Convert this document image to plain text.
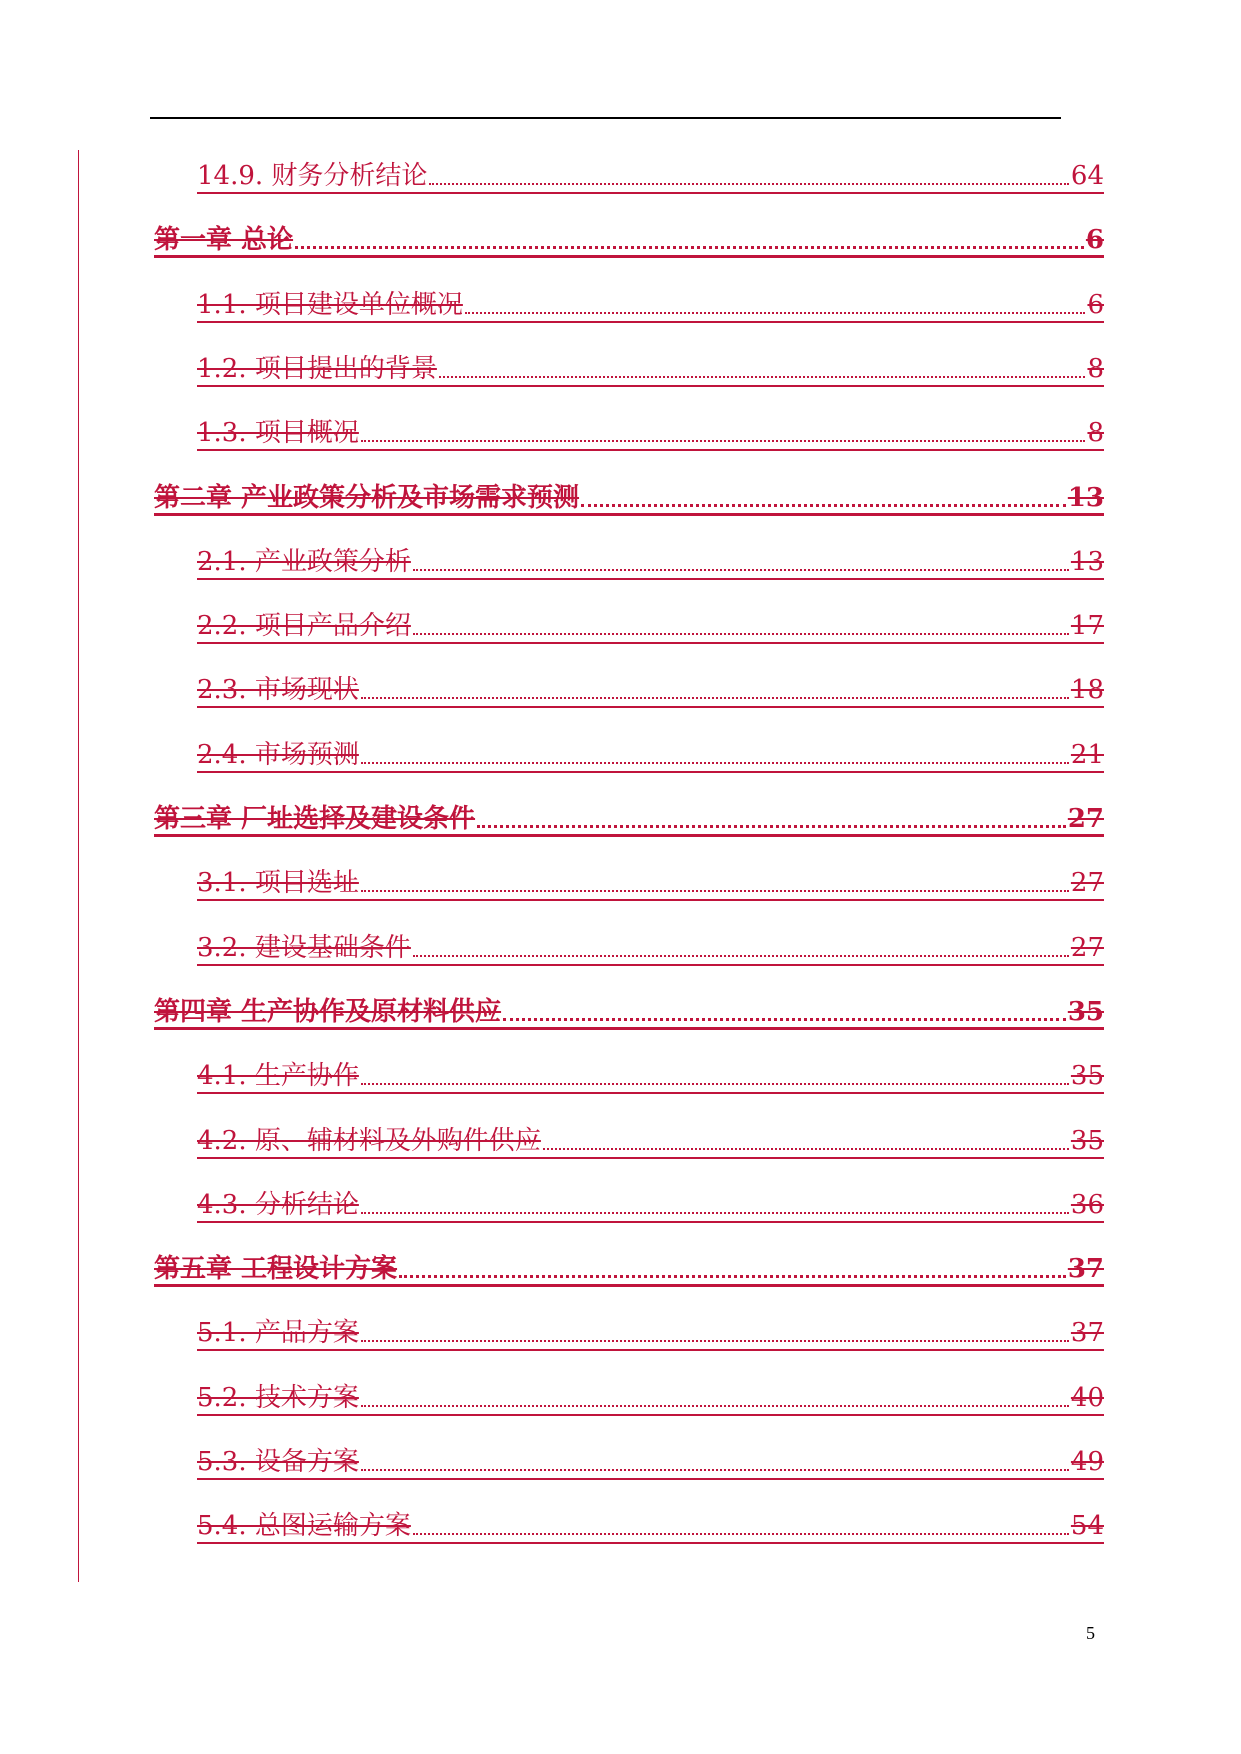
14.9. 财务分析结论	64
第一章 总论	6
1.1. 项目建设单位概况	6
1.2. 项目提出的背景	8
1.3. 项目概况	8
第二章 产业政策分析及市场需求预测	13
2.1. 产业政策分析	13
2.2. 项目产品介绍	17
2.3. 市场现状	18
2.4. 市场预测	21
第三章 厂址选择及建设条件	27
3.1. 项目选址	27
3.2. 建设基础条件	27
第四章 生产协作及原材料供应	35
4.1. 生产协作	35
4.2. 原、辅材料及外购件供应	35
4.3. 分析结论	36
第五章 工程设计方案	37
5.1. 产品方案	37
5.2. 技术方案	40
5.3. 设备方案	49
5.4. 总图运输方案	54
5
